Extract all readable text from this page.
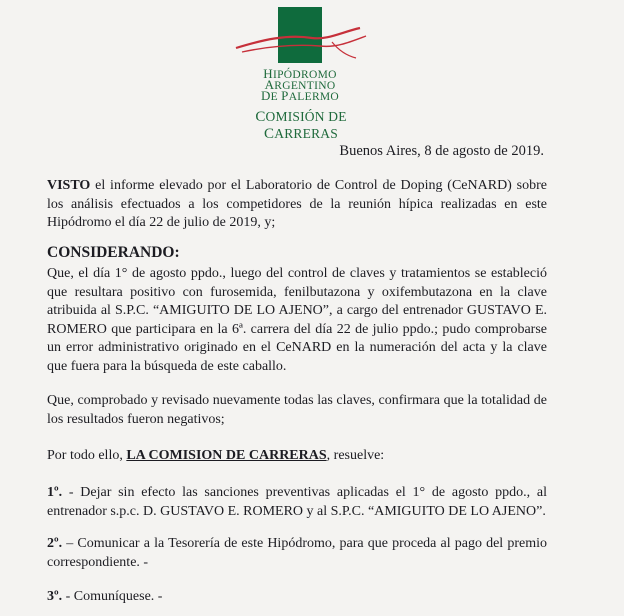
HIPÓDROMO
ARGENTINO
DE PALERMO
COMISIÓN DE CARRERAS
Buenos Aires, 8 de agosto de 2019.

VISTO el informe elevado por el Laboratorio de Control de Doping (CeNARD) sobre los análisis efectuados a los competidores de la reunión hípica realizadas en este Hipódromo el día 22 de julio de 2019, y;

CONSIDERANDO:

Que, el día 1° de agosto ppdo., luego del control de claves y tratamientos se estableció que resultara positivo con furosemida, fenilbutazona y oxifembutazona en la clave atribuida al S.P.C. “AMIGUITO DE LO AJENO”, a cargo del entrenador GUSTAVO E. ROMERO que participara en la 6ª. carrera del día 22 de julio ppdo.; pudo comprobarse un error administrativo originado en el CeNARD en la numeración del acta y la clave que fuera para la búsqueda de este caballo.

Que, comprobado y revisado nuevamente todas las claves, confirmara que la totalidad de los resultados fueron negativos;

Por todo ello, LA COMISION DE CARRERAS, resuelve:

1º. - Dejar sin efecto las sanciones preventivas aplicadas el 1° de agosto ppdo., al entrenador s.p.c. D. GUSTAVO E. ROMERO y al S.P.C. “AMIGUITO DE LO AJENO”.

2º. – Comunicar a la Tesorería de este Hipódromo, para que proceda al pago del premio correspondiente. -

3º. - Comuníquese. -
